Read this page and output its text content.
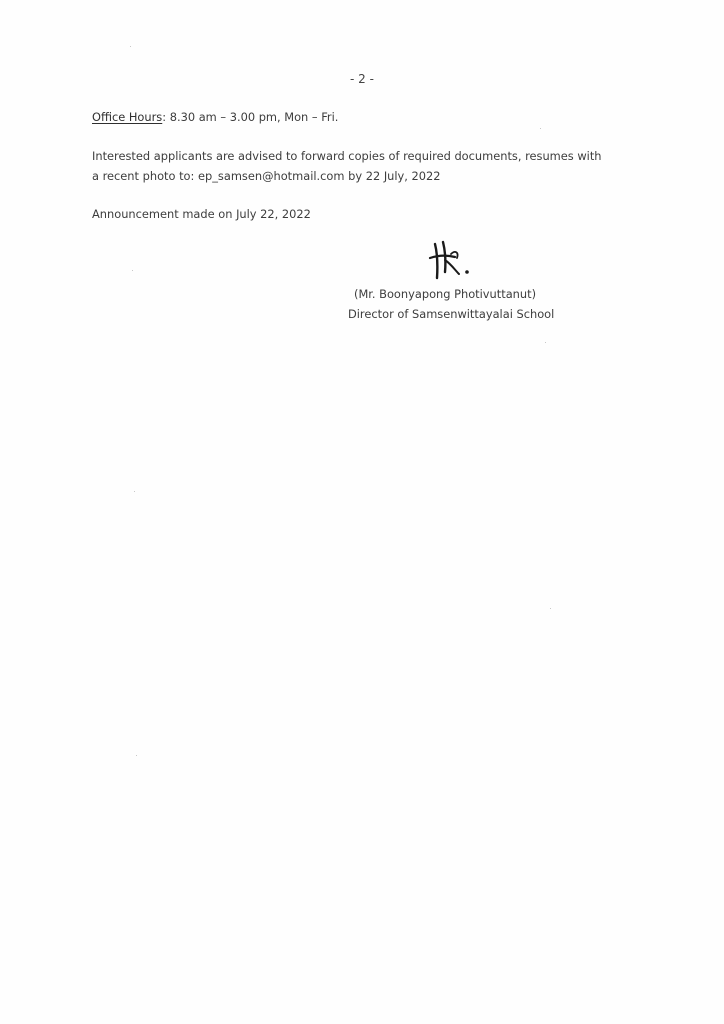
- 2 -
Office Hours: 8.30 am – 3.00 pm, Mon – Fri.
Interested applicants are advised to forward copies of required documents, resumes with
a recent photo to: ep_samsen@hotmail.com by 22 July, 2022
Announcement made on July 22, 2022
(Mr. Boonyapong Photivuttanut)
Director of Samsenwittayalai School
